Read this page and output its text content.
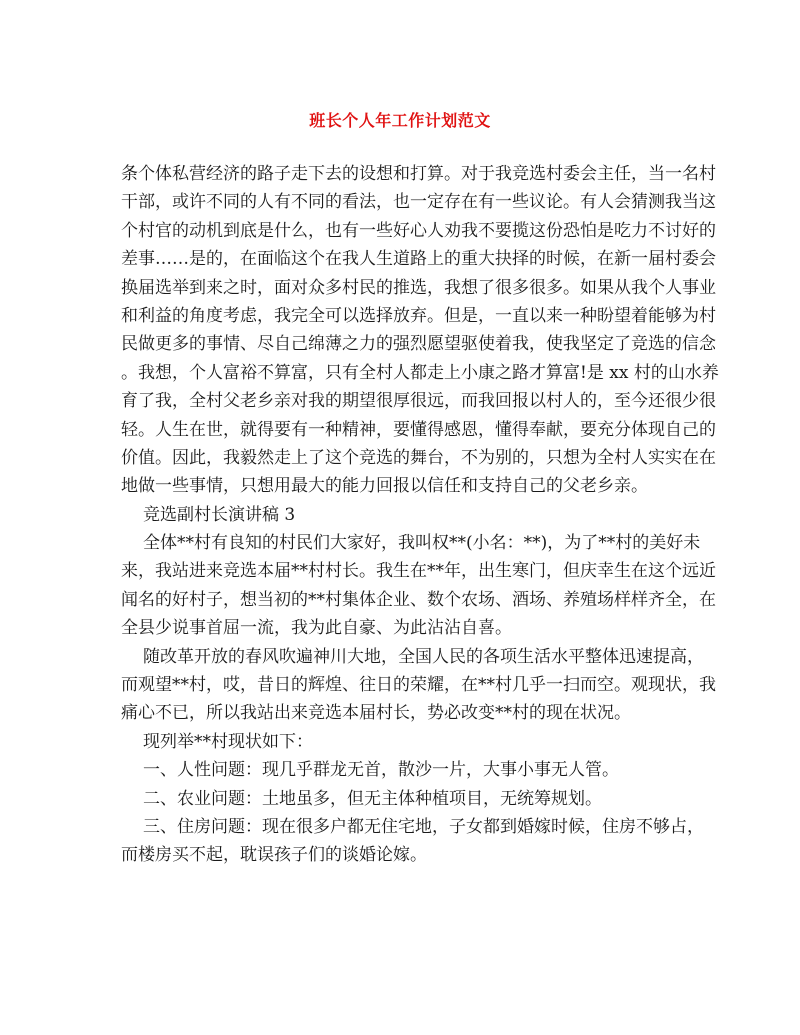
班长个人年工作计划范文
条个体私营经济的路子走下去的设想和打算。对于我竞选村委会主任，当一名村
干部，或许不同的人有不同的看法，也一定存在有一些议论。有人会猜测我当这
个村官的动机到底是什么，也有一些好心人劝我不要揽这份恐怕是吃力不讨好的
差事……是的，在面临这个在我人生道路上的重大抉择的时候，在新一届村委会
换届选举到来之时，面对众多村民的推选，我想了很多很多。如果从我个人事业
和利益的角度考虑，我完全可以选择放弃。但是，一直以来一种盼望着能够为村
民做更多的事情、尽自己绵薄之力的强烈愿望驱使着我，使我坚定了竞选的信念
。我想，个人富裕不算富，只有全村人都走上小康之路才算富!是 xx 村的山水养
育了我，全村父老乡亲对我的期望很厚很远，而我回报以村人的，至今还很少很
轻。人生在世，就得要有一种精神，要懂得感恩，懂得奉献，要充分体现自己的
价值。因此，我毅然走上了这个竞选的舞台，不为别的，只想为全村人实实在在
地做一些事情，只想用最大的能力回报以信任和支持自己的父老乡亲。
竞选副村长演讲稿 3
全体**村有良知的村民们大家好，我叫权**(小名：**)，为了**村的美好未
来，我站进来竞选本届**村村长。我生在**年，出生寒门，但庆幸生在这个远近
闻名的好村子，想当初的**村集体企业、数个农场、酒场、养殖场样样齐全，在
全县少说事首屈一流，我为此自豪、为此沾沾自喜。
随改革开放的春风吹遍神川大地，全国人民的各项生活水平整体迅速提高，
而观望**村，哎，昔日的辉煌、往日的荣耀，在**村几乎一扫而空。观现状，我
痛心不已，所以我站出来竞选本届村长，势必改变**村的现在状况。
现列举**村现状如下：
一、人性问题：现几乎群龙无首，散沙一片，大事小事无人管。
二、农业问题：土地虽多，但无主体种植项目，无统筹规划。
三、住房问题：现在很多户都无住宅地，子女都到婚嫁时候，住房不够占，
而楼房买不起，耽误孩子们的谈婚论嫁。
